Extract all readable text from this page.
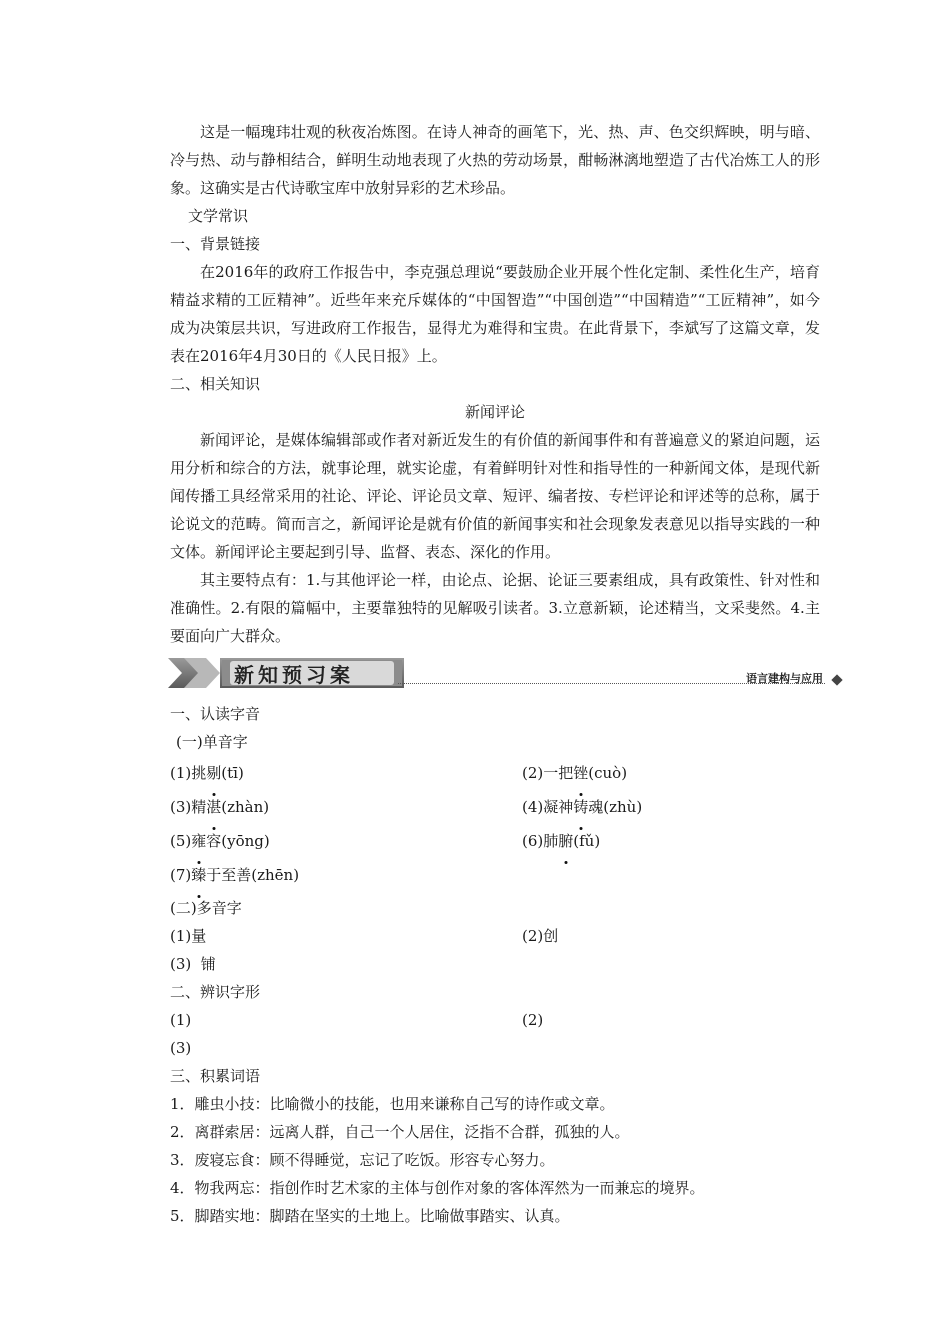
这是一幅瑰玮壮观的秋夜冶炼图。在诗人神奇的画笔下，光、热、声、色交织辉映，明与暗、冷与热、动与静相结合，鲜明生动地表现了火热的劳动场景，酣畅淋漓地塑造了古代冶炼工人的形象。这确实是古代诗歌宝库中放射异彩的艺术珍品。

文学常识

一、背景链接

在2016年的政府工作报告中，李克强总理说“要鼓励企业开展个性化定制、柔性化生产，培育精益求精的工匠精神”。近些年来充斥媒体的“中国智造”“中国创造”“中国精造”“工匠精神”，如今成为决策层共识，写进政府工作报告，显得尤为难得和宝贵。在此背景下，李斌写了这篇文章，发表在2016年4月30日的《人民日报》上。

二、相关知识

新闻评论

新闻评论，是媒体编辑部或作者对新近发生的有价值的新闻事件和有普遍意义的紧迫问题，运用分析和综合的方法，就事论理，就实论虚，有着鲜明针对性和指导性的一种新闻文体，是现代新闻传播工具经常采用的社论、评论、评论员文章、短评、编者按、专栏评论和评述等的总称，属于论说文的范畴。简而言之，新闻评论是就有价值的新闻事实和社会现象发表意见以指导实践的一种文体。新闻评论主要起到引导、监督、表态、深化的作用。

其主要特点有：1.与其他评论一样，由论点、论据、论证三要素组成，具有政策性、针对性和准确性。2.有限的篇幅中，主要靠独特的见解吸引读者。3.立意新颖，论述精当，文采斐然。4.主要面向广大群众。

新知预习案	语言建构与应用

一、认读字音

(一)单音字

(1)挑剔(tī)	(2)一把锉(cuò)
(3)精湛(zhàn)	(4)凝神铸魂(zhù)
(5)雍容(yōng)	(6)肺腑(fǔ)
(7)臻于至善(zhēn)

(二)多音字

(1)量	(2)创

(3)  铺

二、辨识字形

(1)	(2)

(3)

三、积累词语

1．雕虫小技：比喻微小的技能，也用来谦称自己写的诗作或文章。

2．离群索居：远离人群，自己一个人居住，泛指不合群，孤独的人。

3．废寝忘食：顾不得睡觉，忘记了吃饭。形容专心努力。

4．物我两忘：指创作时艺术家的主体与创作对象的客体浑然为一而兼忘的境界。

5．脚踏实地：脚踏在坚实的土地上。比喻做事踏实、认真。
